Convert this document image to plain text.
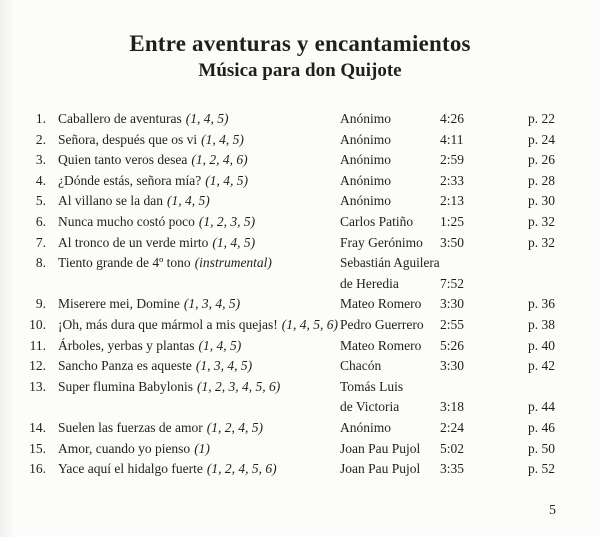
Entre aventuras y encantamientos
Música para don Quijote
1. Caballero de aventuras (1, 4, 5)	Anónimo	4:26	p. 22
2. Señora, después que os vi (1, 4, 5)	Anónimo	4:11	p. 24
3. Quien tanto veros desea (1, 2, 4, 6)	Anónimo	2:59	p. 26
4. ¿Dónde estás, señora mía? (1, 4, 5)	Anónimo	2:33	p. 28
5. Al villano se la dan (1, 4, 5)	Anónimo	2:13	p. 30
6. Nunca mucho costó poco (1, 2, 3, 5)	Carlos Patiño	1:25	p. 32
7. Al tronco de un verde mirto (1, 4, 5)	Fray Gerónimo	3:50	p. 32
8. Tiento grande de 4º tono (instrumental)	Sebastián Aguilera
de Heredia	7:52
9. Miserere mei, Domine (1, 3, 4, 5)	Mateo Romero	3:30	p. 36
10. ¡Oh, más dura que mármol a mis quejas! (1, 4, 5, 6) Pedro Guerrero	2:55	p. 38
11. Árboles, yerbas y plantas (1, 4, 5)	Mateo Romero	5:26	p. 40
12. Sancho Panza es aqueste (1, 3, 4, 5)	Chacón	3:30	p. 42
13. Super flumina Babylonis (1, 2, 3, 4, 5, 6)	Tomás Luis
de Victoria	3:18	p. 44
14. Suelen las fuerzas de amor (1, 2, 4, 5)	Anónimo	2:24	p. 46
15. Amor, cuando yo pienso (1)	Joan Pau Pujol	5:02	p. 50
16. Yace aquí el hidalgo fuerte (1, 2, 4, 5, 6)	Joan Pau Pujol	3:35	p. 52
5
